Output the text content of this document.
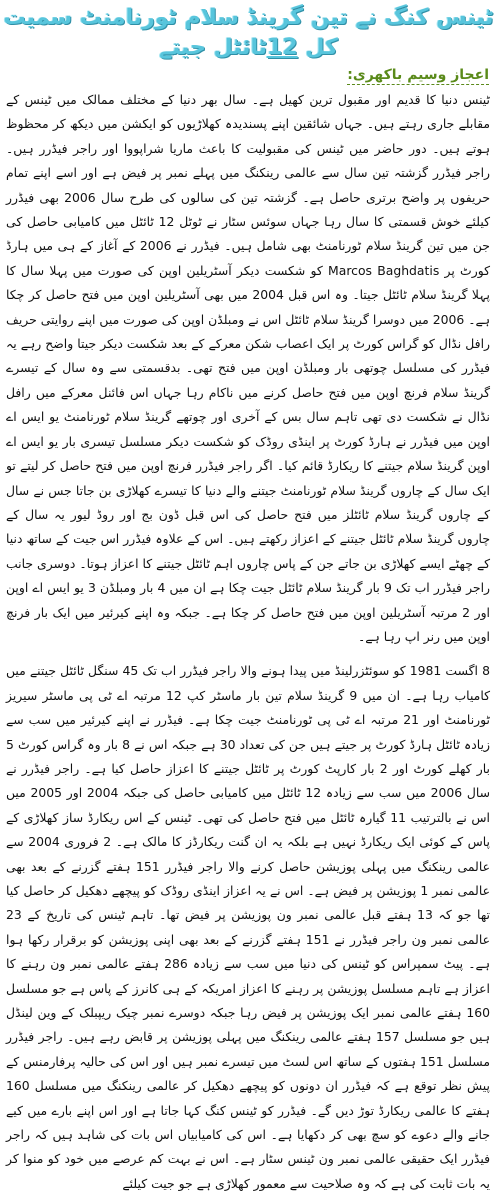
ٹینس کنگ نے تین گرینڈ سلام ٹورنامنٹ سمیت
کل 12ٹائٹل جیتے
اعجاز وسیم باکھری:

ٹینس دنیا کا قدیم اور مقبول ترین کھیل ہے۔ سال بھر دنیا کے مختلف ممالک میں ٹینس کے مقابلے جاری رہتے ہیں۔ جہاں شائقین اپنے پسندیدہ کھلاڑیوں کو ایکشن میں دیکھ کر محظوظ ہوتے ہیں۔ دور حاضر میں ٹینس کی مقبولیت کا باعث ماریا شراپووا اور راجر فیڈرر ہیں۔ راجر فیڈرر گزشتہ تین سال سے عالمی رینکنگ میں پہلے نمبر پر فیض ہے اور اسے اپنے تمام حریفوں پر واضح برتری حاصل ہے۔ گزشتہ تین کی سالوں کی طرح سال 2006 بھی فیڈرر کیلئے خوش قسمتی کا سال رہا جہاں سوئس سٹار نے ٹوٹل 12 ٹائٹل میں کامیابی حاصل کی جن میں تین گرینڈ سلام ٹورنامنٹ بھی شامل ہیں۔ فیڈرر نے 2006 کے آغاز کے ہی میں ہارڈ کورٹ پر Marcos Baghdatis کو شکست دیکر آسٹریلین اوپن کی صورت میں پہلا سال کا پہلا گرینڈ سلام ٹائٹل جیتا۔ وہ اس قبل 2004 میں بھی آسٹریلین اوپن میں فتح حاصل کر چکا ہے۔ 2006 میں دوسرا گرینڈ سلام ٹائٹل اس نے ومبلڈن اوپن کی صورت میں اپنے روایتی حریف رافل نڈال کو گراس کورٹ پر ایک اعصاب شکن معرکے کے بعد شکست دیکر جیتا واضح رہے یہ فیڈرر کی مسلسل چوتھی بار ومبلڈن اوپن میں فتح تھی۔ بدقسمتی سے وہ سال کے تیسرے گرینڈ سلام فرنچ اوپن میں فتح حاصل کرنے میں ناکام رہا جہاں اس فائنل معرکے میں رافل نڈال نے شکست دی تھی تاہم سال بس کے آخری اور چوتھے گرینڈ سلام ٹورنامنٹ یو ایس اے اوپن میں فیڈرر نے ہارڈ کورٹ پر اینڈی روڈک کو شکست دیکر مسلسل تیسری بار یو ایس اے اوپن گرینڈ سلام جیتنے کا ریکارڈ قائم کیا۔ اگر راجر فیڈرر فرنچ اوپن میں فتح حاصل کر لیتے تو ایک سال کے چاروں گرینڈ سلام ٹورنامنٹ جیتنے والے دنیا کا تیسرے کھلاڑی بن جاتا جس نے سال کے چاروں گرینڈ سلام ٹائٹلز میں فتح حاصل کی اس قبل ڈون بج اور روڈ لیور یہ سال کے چاروں گرینڈ سلام ٹائٹل جیتنے کے اعزاز رکھتے ہیں۔ اس کے علاوہ فیڈرر اس جیت کے ساتھ دنیا کے چھٹے ایسے کھلاڑی بن جاتے جن کے پاس چاروں اہم ٹائٹل جیتنے کا اعزاز ہوتا۔ دوسری جانب راجر فیڈرر اب تک 9 بار گرینڈ سلام ٹائٹل جیت چکا ہے ان میں 4 بار ومبلڈن 3 یو ایس اے اوپن اور 2 مرتبہ آسٹریلین اوپن میں فتح حاصل کر چکا ہے۔ جبکہ وہ اپنے کیرئیر میں ایک بار فرنچ اوپن میں رنر اپ رہا ہے۔

8 اگست 1981 کو سوئٹزرلینڈ میں پیدا ہونے والا راجر فیڈرر اب تک 45 سنگل ٹائٹل جیتنے میں کامیاب رہا ہے۔ ان میں 9 گرینڈ سلام تین بار ماسٹر کپ 12 مرتبہ اے ٹی پی ماسٹر سیریز ٹورنامنٹ اور 21 مرتبہ اے ٹی پی ٹورنامنٹ جیت چکا ہے۔ فیڈرر نے اپنے کیرئیر میں سب سے زیادہ ٹائٹل ہارڈ کورٹ پر جیتے ہیں جن کی تعداد 30 ہے جبکہ اس نے 8 بار وہ گراس کورٹ 5 بار کھلے کورٹ اور 2 بار کارپٹ کورٹ پر ٹائٹل جیتنے کا اعزاز حاصل کیا ہے۔ راجر فیڈرر نے سال 2006 میں سب سے زیادہ 12 ٹائٹل میں کامیابی حاصل کی جبکہ 2004 اور 2005 میں اس نے بالترتیب 11 گیارہ ٹائٹل میں فتح حاصل کی تھی۔ ٹینس کے اس ریکارڈ ساز کھلاڑی کے پاس کے کوئی ایک ریکارڈ نہیں ہے بلکہ یہ ان گنت ریکارڈز کا مالک ہے۔ 2 فروری 2004 سے عالمی رینکنگ میں پہلی پوزیشن حاصل کرنے والا راجر فیڈرر 151 ہفتے گزرنے کے بعد بھی عالمی نمبر 1 پوزیشن پر فیض ہے۔ اس نے یہ اعزاز اینڈی روڈک کو پیچھے دھکیل کر حاصل کیا تھا جو کہ 13 ہفتے قبل عالمی نمبر ون پوزیشن پر فیض تھا۔ تاہم ٹینس کی تاریخ کے 23 عالمی نمبر ون راجر فیڈرر نے 151 ہفتے گزرنے کے بعد بھی اپنی پوزیشن کو برقرار رکھا ہوا ہے۔ پیٹ سمپراس کو ٹینس کی دنیا میں سب سے زیادہ 286 ہفتے عالمی نمبر ون رہنے کا اعزاز ہے تاہم مسلسل پوزیشن پر رہنے کا اعزاز امریکہ کے ہی کانرز کے پاس ہے جو مسلسل 160 ہفتے عالمی نمبر ایک پوزیشن پر فیض رہا جبکہ دوسرے نمبر چیک ریپبلک کے وین لینڈل ہیں جو مسلسل 157 ہفتے عالمی رینکنگ میں پہلی پوزیشن پر قابض رہے ہیں۔ راجر فیڈرر مسلسل 151 ہفتوں کے ساتھ اس لسٹ میں تیسرے نمبر ہیں اور اس کی حالیہ پرفارمنس کے پیش نظر توقع ہے کہ فیڈرر ان دونوں کو پیچھے دھکیل کر عالمی رینکنگ میں مسلسل 160 ہفتے کا عالمی ریکارڈ توڑ دیں گے۔ فیڈرر کو ٹینس کنگ کہا جاتا ہے اور اس اپنے بارے میں کیے جانے والے دعوے کو سچ بھی کر دکھایا ہے۔ اس کی کامیابیاں اس بات کی شاہد ہیں کہ راجر فیڈرر ایک حقیقی عالمی نمبر ون ٹینس سٹار ہے۔ اس نے بہت کم عرصے میں خود کو منوا کر یہ بات ثابت کی ہے کہ وہ صلاحیت سے معمور کھلاڑی ہے جو جیت کیلئے
